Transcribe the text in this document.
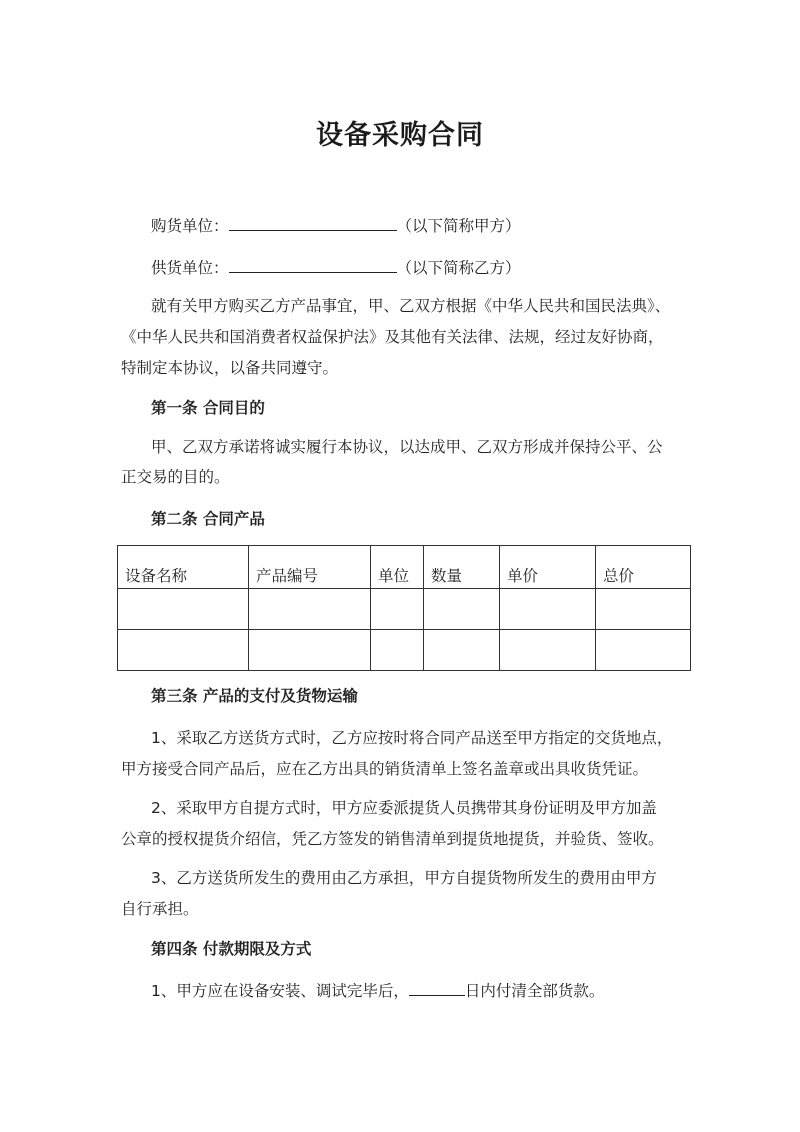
设备采购合同
购货单位：	（以下简称甲方）
供货单位：	（以下简称乙方）
就有关甲方购买乙方产品事宜，甲、乙双方根据《中华人民共和国民法典》、
《中华人民共和国消费者权益保护法》及其他有关法律、法规，经过友好协商，
特制定本协议，以备共同遵守。
第一条 合同目的
甲、乙双方承诺将诚实履行本协议，以达成甲、乙双方形成并保持公平、公
正交易的目的。
第二条 合同产品
设备名称	产品编号	单位	数量	单价	总价

第三条 产品的支付及货物运输
1、采取乙方送货方式时，乙方应按时将合同产品送至甲方指定的交货地点，
甲方接受合同产品后，应在乙方出具的销货清单上签名盖章或出具收货凭证。
2、采取甲方自提方式时，甲方应委派提货人员携带其身份证明及甲方加盖
公章的授权提货介绍信，凭乙方签发的销售清单到提货地提货，并验货、签收。
3、乙方送货所发生的费用由乙方承担，甲方自提货物所发生的费用由甲方
自行承担。
第四条 付款期限及方式
1、甲方应在设备安装、调试完毕后，	日内付清全部货款。
